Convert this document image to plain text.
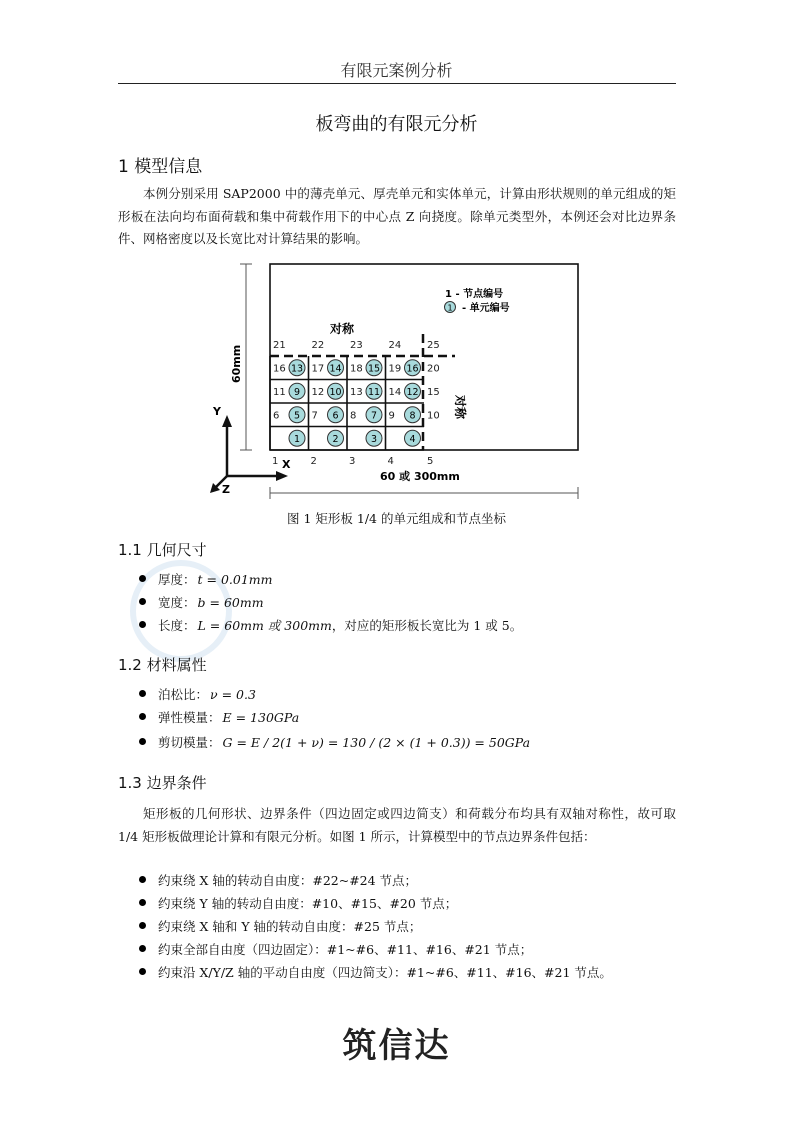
有限元案例分析
板弯曲的有限元分析
1 模型信息
本例分别采用 SAP2000 中的薄壳单元、厚壳单元和实体单元，计算由形状规则的单元组成的矩形板在法向均布面荷载和集中荷载作用下的中心点 Z 向挠度。除单元类型外，本例还会对比边界条件、网格密度以及长宽比对计算结果的影响。
1	2	3	4	5
6	7	8	9	10
11	12	13	14	15
16	17	18	19	20
21	22	23	24	25
1	2	3	4
5	6	7	8
9	10	11	12
13	14	15	16
1 - 节点编号
1 - 单元编号
对称
对称
60mm
60 或 300mm
Y
X
Z
图 1 矩形板 1/4 的单元组成和节点坐标
1.1 几何尺寸
厚度： t = 0.01mm
宽度： b = 60mm
长度： L = 60mm 或 300mm，对应的矩形板长宽比为 1 或 5。
1.2 材料属性
泊松比： ν = 0.3
弹性模量： E = 130GPa
剪切模量： G = E / 2(1 + ν) = 130 / (2 × (1 + 0.3)) = 50GPa
1.3 边界条件
矩形板的几何形状、边界条件（四边固定或四边简支）和荷载分布均具有双轴对称性，故可取 1/4 矩形板做理论计算和有限元分析。如图 1 所示，计算模型中的节点边界条件包括：
约束绕 X 轴的转动自由度：#22~#24 节点；
约束绕 Y 轴的转动自由度：#10、#15、#20 节点；
约束绕 X 轴和 Y 轴的转动自由度：#25 节点；
约束全部自由度（四边固定）：#1~#6、#11、#16、#21 节点；
约束沿 X/Y/Z 轴的平动自由度（四边简支）：#1~#6、#11、#16、#21 节点。
筑信达
